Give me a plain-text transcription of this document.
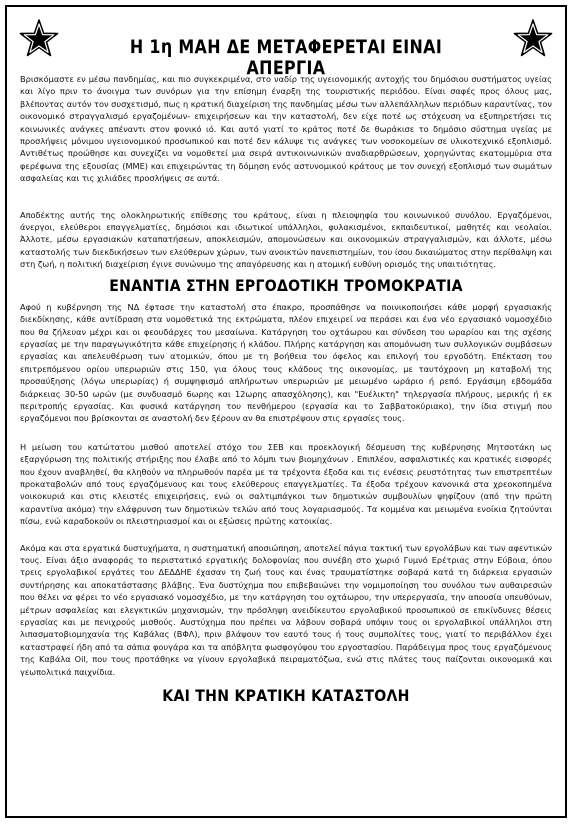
Η 1η ΜΑΗ ΔΕ ΜΕΤΑΦΕΡΕΤΑΙ ΕΙΝΑΙ ΑΠΕΡΓΙΑ

Βρισκόμαστε εν μέσω πανδημίας, και πιο συγκεκριμένα, στο ναδίρ της υγειονομικής αντοχής του δημόσιου συστήματος υγείας και λίγο πριν το άνοιγμα των συνόρων για την επίσημη έναρξη της τουριστικής περιόδου. Είναι σαφές προς όλους μας, βλέποντας αυτόν τον συσχετισμό, πως η κρατική διαχείριση της πανδημίας μέσω των αλλεπάλληλων περιόδων καραντίνας, τον οικονομικό στραγγαλισμό εργαζομένων- επιχειρήσεων και την καταστολή, δεν είχε ποτέ ως στόχευση να εξυπηρετήσει τις κοινωνικές ανάγκες απέναντι στον φονικό ιό. Και αυτό γιατί το κράτος ποτέ δε θωράκισε το δημόσιο σύστημα υγείας με προσλήψεις μόνιμου υγειονομικού προσωπικού και ποτέ δεν κάλυψε τις ανάγκες των νοσοκομείων σε υλικοτεχνικό εξοπλισμό. Αντιθέτως προώθησε και συνεχίζει να νομοθετεί μια σειρά αντικοινωνικών αναδιαρθρώσεων, χορηγώντας εκατομμύρια στα φερέφωνα της εξουσίας (ΜΜΕ) και επιχειρώντας τη δόμηση ενός αστυνομικού κράτους με τον συνεχή εξοπλισμό των σωμάτων ασφαλείας και τις χιλιάδες προσλήψεις σε αυτά.

Αποδέκτης αυτής της ολοκληρωτικής επίθεσης του κράτους, είναι η πλειοψηφία του κοινωνικού συνόλου. Εργαζόμενοι, άνεργοι, ελεύθεροι επαγγελματίες, δημόσιοι και ιδιωτικοί υπάλληλοι, φυλακισμένοι, εκπαιδευτικοί, μαθητές και νεολαίοι. Άλλοτε, μέσω εργασιακών καταπατήσεων, αποκλεισμών, απομονώσεων και οικονομικών στραγγαλισμών, και άλλοτε, μέσω καταστολής των διεκδικήσεων των ελεύθερων χώρων, των ανοικτών πανεπιστημίων, του ίσου δικαιώματος στην περίθαλψη και στη ζωή, η πολιτική διαχείριση έγινε συνώνυμο της απαγόρευσης και η ατομική ευθύνη ορισμός της υπαιτιότητας.

ΕΝΑΝΤΙΑ ΣΤΗΝ ΕΡΓΟΔΟΤΙΚΗ ΤΡΟΜΟΚΡΑΤΙΑ

Αφού η κυβέρνηση της ΝΔ έφτασε την καταστολή στο έπακρο, προσπάθησε να ποινικοποιήσει κάθε μορφή εργασιακής διεκδίκησης, κάθε αντίδραση στα νομοθετικά της εκτρώματα, πλέον επιχειρεί να περάσει και ένα νέο εργασιακό νομοσχέδιο που θα ζήλευαν μέχρι και οι φεουδάρχες του μεσαίωνα. Κατάργηση του οχτάωρου και σύνδεση του ωραρίου και της σχέσης εργασίας με την παραγωγικότητα κάθε επιχείρησης ή κλάδου. Πλήρης κατάργηση και απομόνωση των συλλογικών συμβάσεων εργασίας και απελευθέρωση των ατομικών, όπου με τη βοήθεια του όφελος και επιλογή του εργοδότη. Επέκταση του επιτρεπόμενου ορίου υπερωριών στις 150, για όλους τους κλάδους της οικονομίας, με ταυτόχρονη μη καταβολή της προσαύξησης (λόγω υπερωρίας) ή συμψηφισμό απλήρωτων υπερωριών με μειωμένο ωράριο ή ρεπό. Εργάσιμη εβδομάδα διάρκειας 30-50 ωρών (με συνδυασμό 6ωρης και 12ωρης απασχόλησης), και "Ευέλικτη" τηλεργασία πλήρους, μερικής ή εκ περιτροπής εργασίας. Και φυσικά κατάργηση του πενθήμερου (εργασία και το Σαββατοκύριακο), την ίδια στιγμή που εργαζόμενοι που βρίσκονται σε αναστολή δεν ξέρουν αν θα επιστρέψουν στις εργασίες τους.

Η μείωση του κατώτατου μισθού αποτελεί στόχο του ΣΕΒ και προεκλογική δέσμευση της κυβέρνησης Μητσοτάκη ως εξαργύρωση της πολιτικής στήριξης που έλαβε από το λόμπι των βιομηχάνων . Επιπλέον, ασφαλιστικές και κρατικές εισφορές που έχουν αναβληθεί, θα κληθούν να πληρωθούν παρέα με τα τρέχοντα έξοδα και τις ενέσεις ρευστότητας των επιστρεπτέων προκαταβολών από τους εργαζόμενους και τους ελεύθερους επαγγελματίες. Τα έξοδα τρέχουν κανονικά στα χρεοκοπημένα νοικοκυριά και στις κλειστές επιχειρήσεις, ενώ οι σαλτιμπάγκοι των δημοτικών συμβουλίων ψηφίζουν (από την πρώτη καραντίνα ακόμα) την ελάφρυνση των δημοτικών τελών από τους λογαριασμούς. Τα κομμένα και μειωμένα ενοίκια ζητούνται πίσω, ενώ καραδοκούν οι πλειστηριασμοί και οι εξώσεις πρώτης κατοικίας.

Ακόμα και στα εργατικά δυστυχήματα, η συστηματική αποσιώπηση, αποτελεί πάγια τακτική των εργολάβων και των αφεντικών τους. Είναι άξιο αναφοράς το περιστατικό εργατικής δολοφονίας που συνέβη στο χωριό Γυμνό Ερέτριας στην Εύβοια, όπου τρεις εργολαβικοί εργάτες του ΔΕΔΔΗΕ έχασαν τη ζωή τους και ένας τραυματίστηκε σοβαρά κατά τη διάρκεια εργασιών συντήρησης και αποκατάστασης βλάβης. Ένα δυστύχημα που επιβεβαιώνει την νομιμοποίηση του συνόλου των αυθαιρεσιών που θέλει να φέρει το νέο εργασιακό νομοσχέδιο, με την κατάργηση του οχτάωρου, την υπερεργασία, την απουσία υπευθύνων, μέτρων ασφαλείας και ελεγκτικών μηχανισμών, την πρόσληψη ανειδίκευτου εργολαβικού προσωπικού σε επικίνδυνες θέσεις εργασίας και με πενιχρούς μισθούς. Αυστύχημα που πρέπει να λάβουν σοβαρά υπόψιν τους οι εργολαβικοί υπάλληλοι στη λιπασματοβιομηχανία της Καβάλας (ΒΦΛ), πριν βλάψουν τον εαυτό τους ή τους συμπολίτες τους, γιατί το περιβάλλον έχει καταστραφεί ήδη από τα σάπια φουγάρα και τα απόβλητα φωσφογύψου του εργοστασίου. Παράδειγμα προς τους εργαζόμενους της Καβάλα Oil, που τους προτάθηκε να γίνουν εργολαβικά πειραματόζωα, ενώ στις πλάτες τους παίζονται οικονομικά και γεωπολιτικά παιχνίδια.

ΚΑΙ ΤΗΝ ΚΡΑΤΙΚΗ ΚΑΤΑΣΤΟΛΗ
